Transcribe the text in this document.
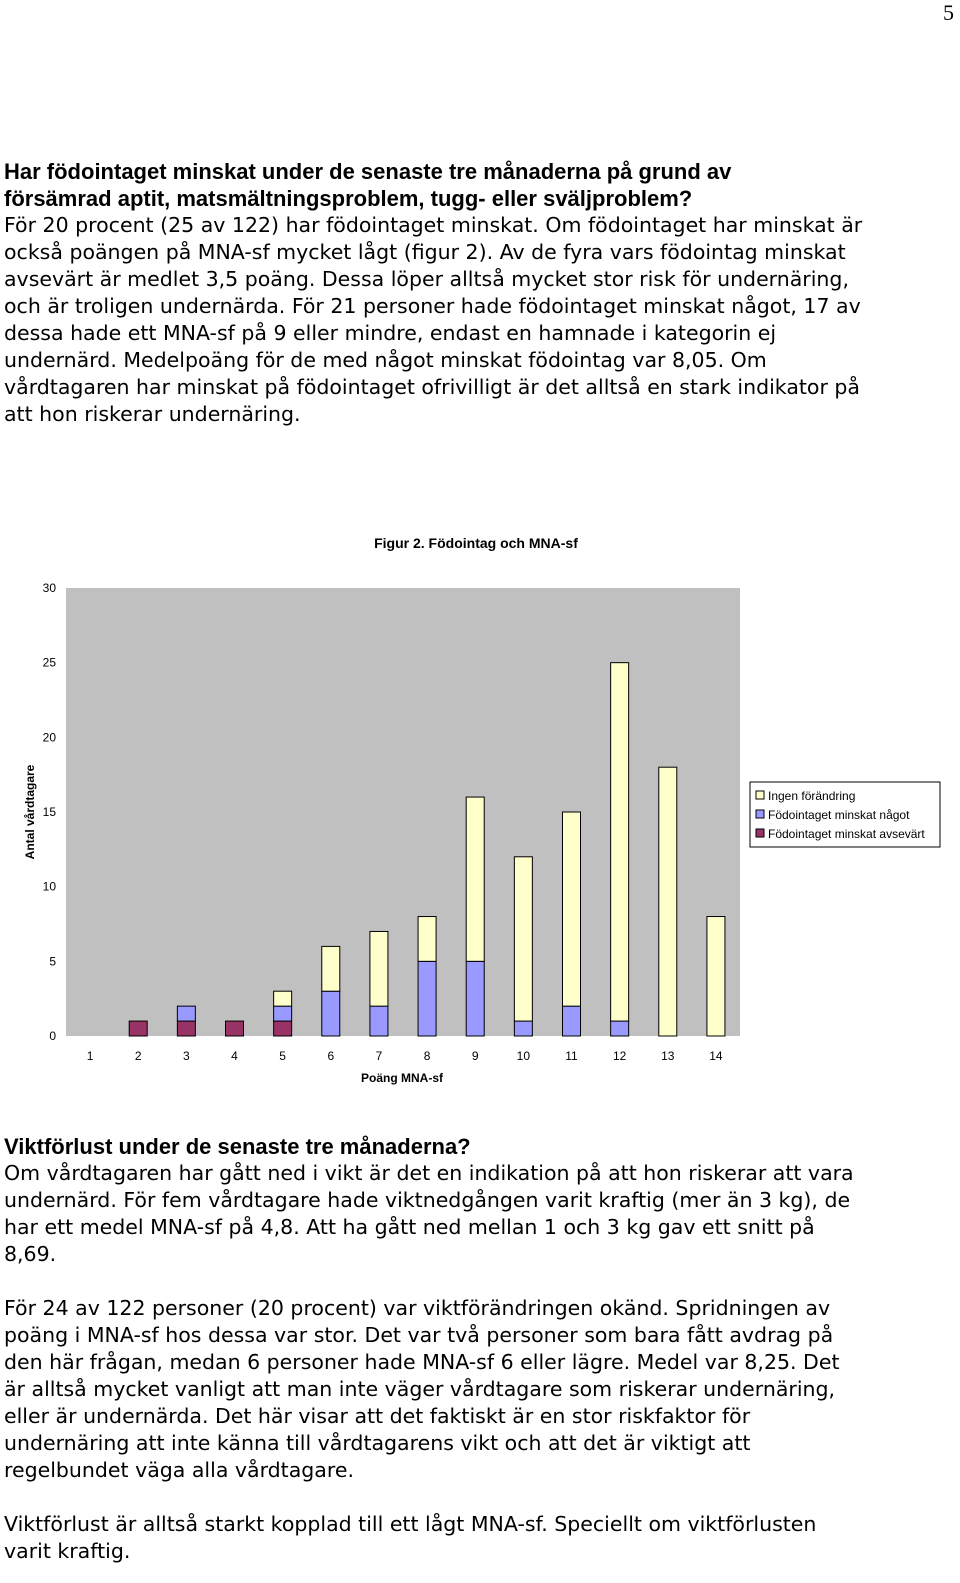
5

Har födointaget minskat under de senaste tre månaderna på grund av

försämrad aptit, matsmältningsproblem, tugg- eller sväljproblem?

För 20 procent (25 av 122) har födointaget minskat. Om födointaget har minskat är

också poängen på MNA-sf mycket lågt (figur 2). Av de fyra vars födointag minskat

avsevärt är medlet 3,5 poäng. Dessa löper alltså mycket stor risk för undernäring,

och är troligen undernärda. För 21 personer hade födointaget minskat något, 17 av

dessa hade ett MNA-sf på 9 eller mindre, endast en hamnade i kategorin ej

undernärd. Medelpoäng för de med något minskat födointag var 8,05. Om

vårdtagaren har minskat på födointaget ofrivilligt är det alltså en stark indikator på

att hon riskerar undernäring.

Figur 2. Födointag och MNA-sf
0
5
10
15
20
25
30
1	2	3	4	5	6	7	8	9	10	11	12	13	14
Antal vårdtagare
Poäng MNA-sf
Ingen förändring
Födointaget minskat något
Födointaget minskat avsevärt

Viktförlust under de senaste tre månaderna?

Om vårdtagaren har gått ned i vikt är det en indikation på att hon riskerar att vara

undernärd. För fem vårdtagare hade viktnedgången varit kraftig (mer än 3 kg), de

har ett medel MNA-sf på 4,8. Att ha gått ned mellan 1 och 3 kg gav ett snitt på

8,69.

För 24 av 122 personer (20 procent) var viktförändringen okänd. Spridningen av

poäng i MNA-sf hos dessa var stor. Det var två personer som bara fått avdrag på

den här frågan, medan 6 personer hade MNA-sf 6 eller lägre. Medel var 8,25. Det

är alltså mycket vanligt att man inte väger vårdtagare som riskerar undernäring,

eller är undernärda. Det här visar att det faktiskt är en stor riskfaktor för

undernäring att inte känna till vårdtagarens vikt och att det är viktigt att

regelbundet väga alla vårdtagare.

Viktförlust är alltså starkt kopplad till ett lågt MNA-sf. Speciellt om viktförlusten

varit kraftig.
